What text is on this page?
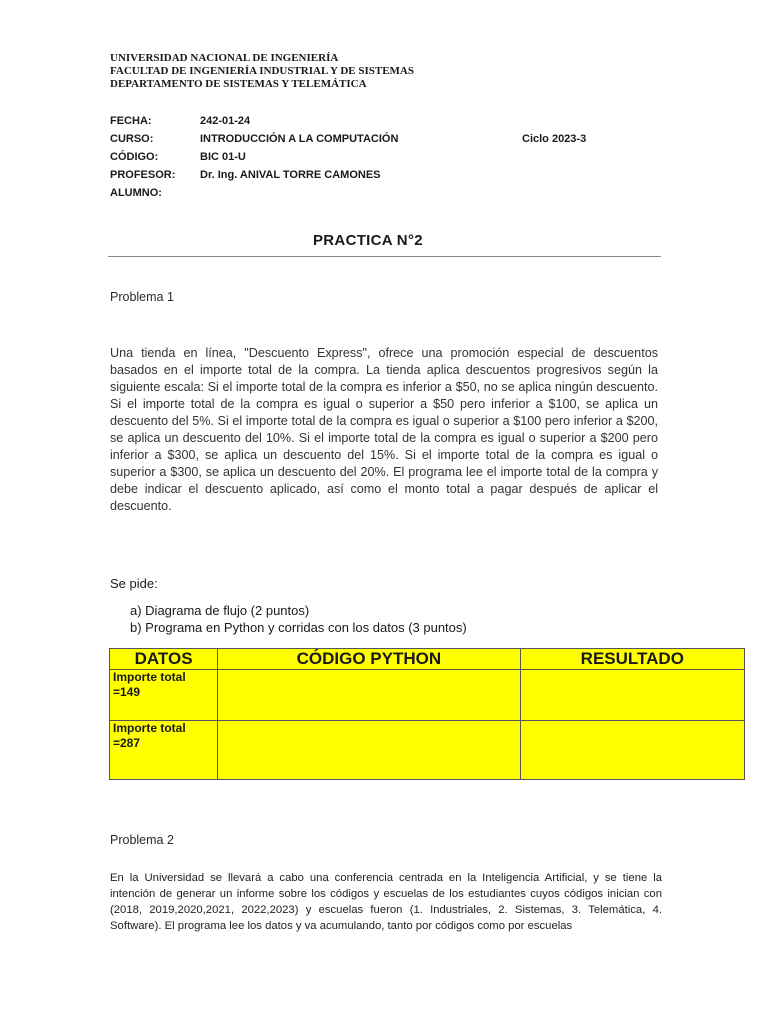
UNIVERSIDAD NACIONAL DE INGENIERÍA
FACULTAD DE INGENIERÍA INDUSTRIAL Y DE SISTEMAS
DEPARTAMENTO DE SISTEMAS Y TELEMÁTICA
FECHA:	242-01-24
CURSO:	INTRODUCCIÓN A LA COMPUTACIÓN	Ciclo 2023-3
CÓDIGO:	BIC 01-U
PROFESOR: Dr. Ing. ANIVAL TORRE CAMONES
ALUMNO:
PRACTICA N°2
Problema 1
Una tienda en línea, "Descuento Express", ofrece una promoción especial de descuentos basados en el importe total de la compra. La tienda aplica descuentos progresivos según la siguiente escala: Si el importe total de la compra es inferior a $50, no se aplica ningún descuento. Si el importe total de la compra es igual o superior a $50 pero inferior a $100, se aplica un descuento del 5%. Si el importe total de la compra es igual o superior a $100 pero inferior a $200, se aplica un descuento del 10%. Si el importe total de la compra es igual o superior a $200 pero inferior a $300, se aplica un descuento del 15%. Si el importe total de la compra es igual o superior a $300, se aplica un descuento del 20%. El programa lee el importe total de la compra y debe indicar el descuento aplicado, así como el monto total a pagar después de aplicar el descuento.
Se pide:
a) Diagrama de flujo (2 puntos)
b) Programa en Python y corridas con los datos (3 puntos)
DATOS	CÓDIGO PYTHON	RESULTADO
Importe total =149		
Importe total =287		
Problema 2
En la Universidad se llevará a cabo una conferencia centrada en la Inteligencia Artificial, y se tiene la intención de generar un informe sobre los códigos y escuelas de los estudiantes cuyos códigos inician con (2018, 2019,2020,2021, 2022,2023) y escuelas fueron (1. Industriales, 2. Sistemas, 3. Telemática, 4. Software). El programa lee los datos y va acumulando, tanto por códigos como por escuelas
